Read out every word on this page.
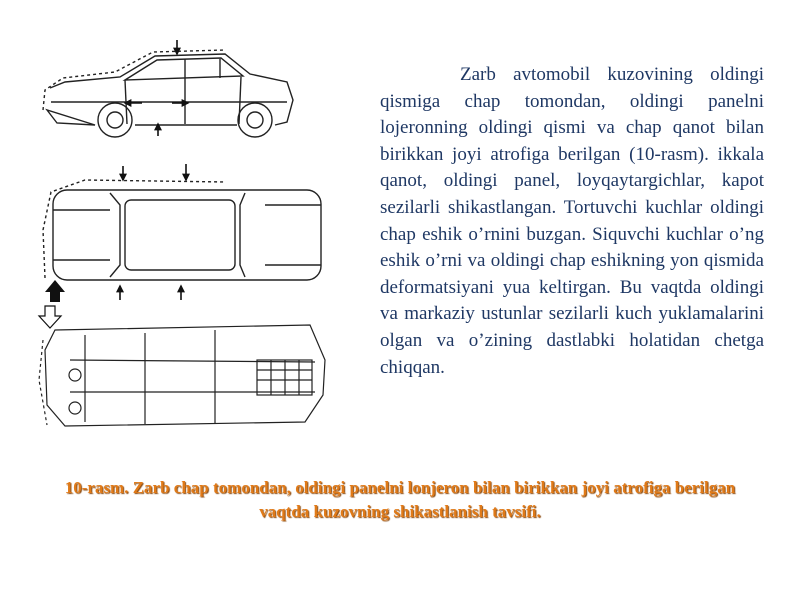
Zarb avtomobil kuzovining oldingi qismiga chap tomondan, oldingi panelni lojeronning oldingi qismi va chap qanot bilan birikkan joyi atrofiga berilgan (10-rasm). ikkala qanot, oldingi panel, loyqaytargichlar, kapot sezilarli shikastlangan. Tortuvchi kuchlar oldingi chap eshik o’rnini buzgan. Siquvchi kuchlar o’ng eshik o’rni va oldingi chap eshikning yon qismida deformatsiyani yua keltirgan. Bu vaqtda oldingi va markaziy ustunlar sezilarli kuch yuklamalarini olgan va o’zining dastlabki holatidan chetga chiqqan.

10-rasm. Zarb chap tomondan, oldingi panelni lonjeron bilan birikkan joyi atrofiga berilgan vaqtda kuzovning shikastlanish tavsifi.
